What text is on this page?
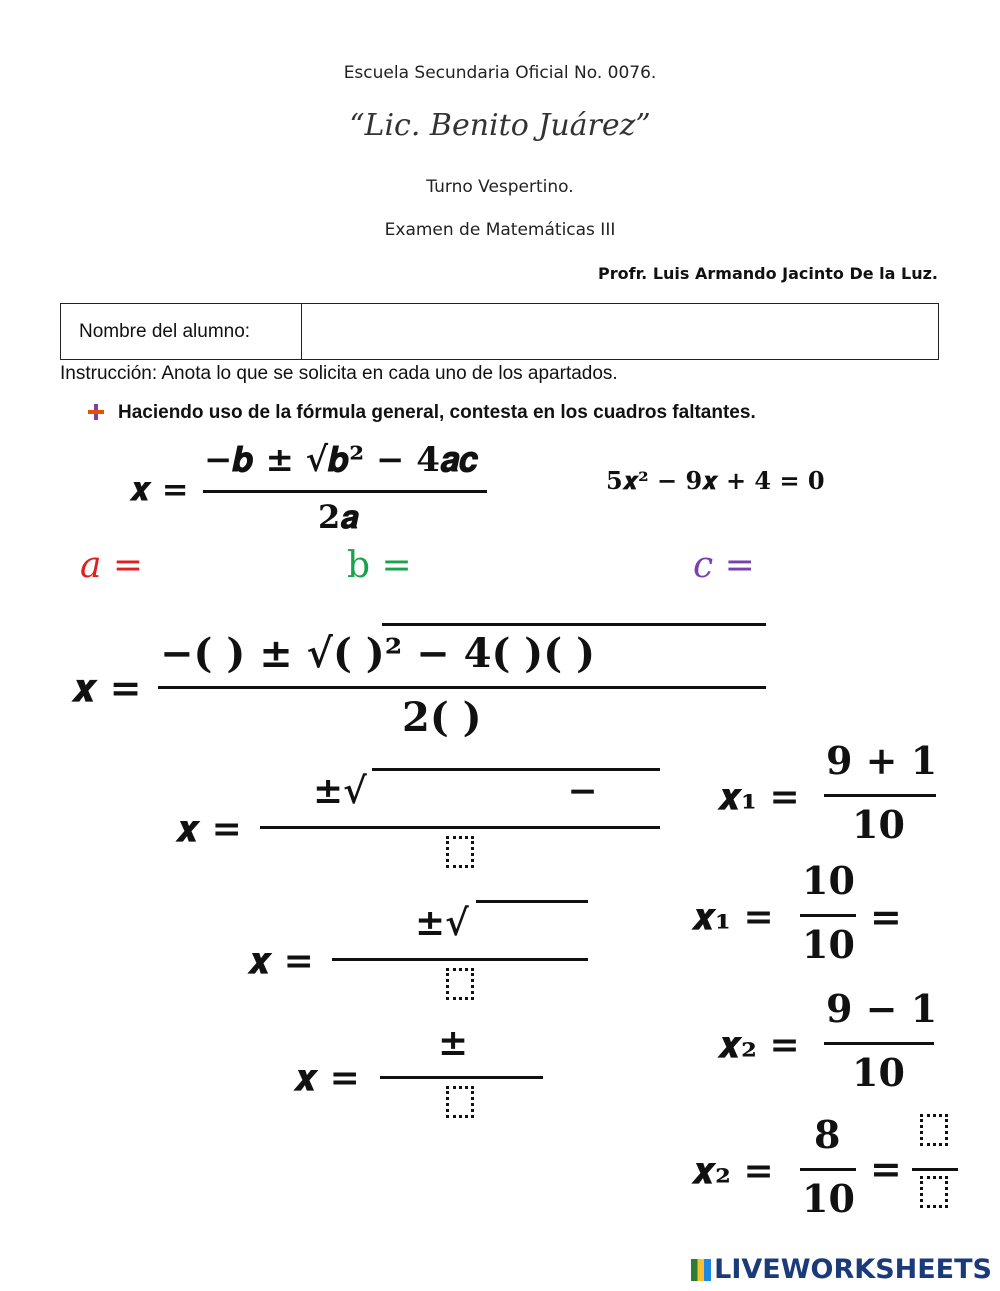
Escuela Secundaria Oficial No. 0076.
“Lic. Benito Juárez”
Turno Vespertino.
Examen de Matemáticas III
Profr. Luis Armando Jacinto De la Luz.
Nombre del alumno:	
Instrucción: Anota lo que se solicita en cada uno de los apartados.
Haciendo uso de la fórmula general, contesta en los cuadros faltantes.
𝒙 =
−𝒃 ± √𝒃² − 𝟒𝒂𝒄
𝟐𝒂
𝟓𝒙² − 𝟗𝒙 + 𝟒 = 𝟎
𝑎 =	b =	𝑐 =
𝒙 =
−( ) ± √( )² − 𝟒( )( )
𝟐( )
𝒙 =
±√                −
𝒙 =
±√
𝒙 =
±
𝒙₁ =
𝟗 + 𝟏
𝟏𝟎
𝒙₁ =
𝟏𝟎
𝟏𝟎
=
𝒙₂ =
𝟗 − 𝟏
𝟏𝟎
𝒙₂ =
𝟖
𝟏𝟎
=
LIVEWORKSHEETS
